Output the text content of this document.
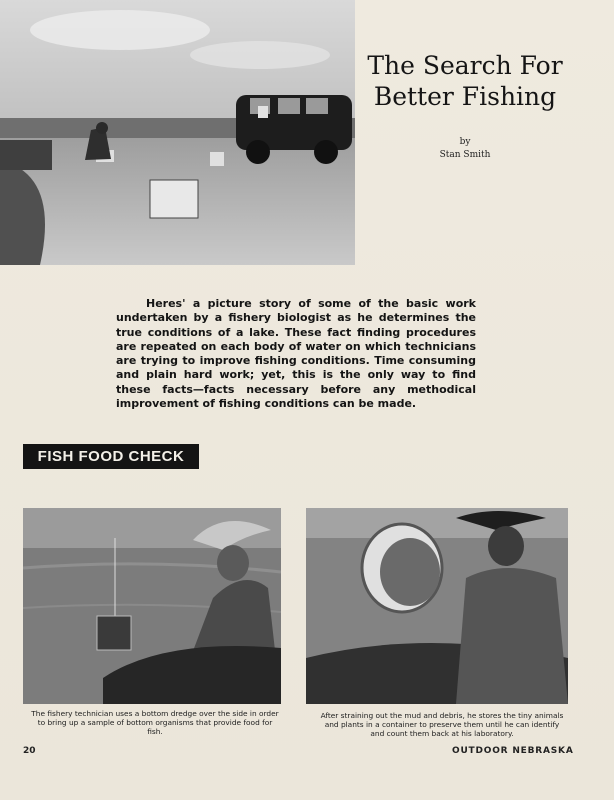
The Search For
Better Fishing
by
Stan Smith

Heres' a picture story of some of the basic work undertaken by a fishery biologist as he determines the true conditions of a lake. These fact finding procedures are repeated on each body of water on which technicians are trying to improve fishing conditions. Time consuming and plain hard work; yet, this is the only way to find these facts—facts necessary before any methodical improvement of fishing conditions can be made.

FISH FOOD CHECK
The fishery technician uses a bottom dredge over the side in order to bring up a sample of bottom organisms that provide food for fish.
After straining out the mud and debris, he stores the tiny animals and plants in a container to preserve them until he can identify and count them back at his laboratory.
20	OUTDOOR NEBRASKA
